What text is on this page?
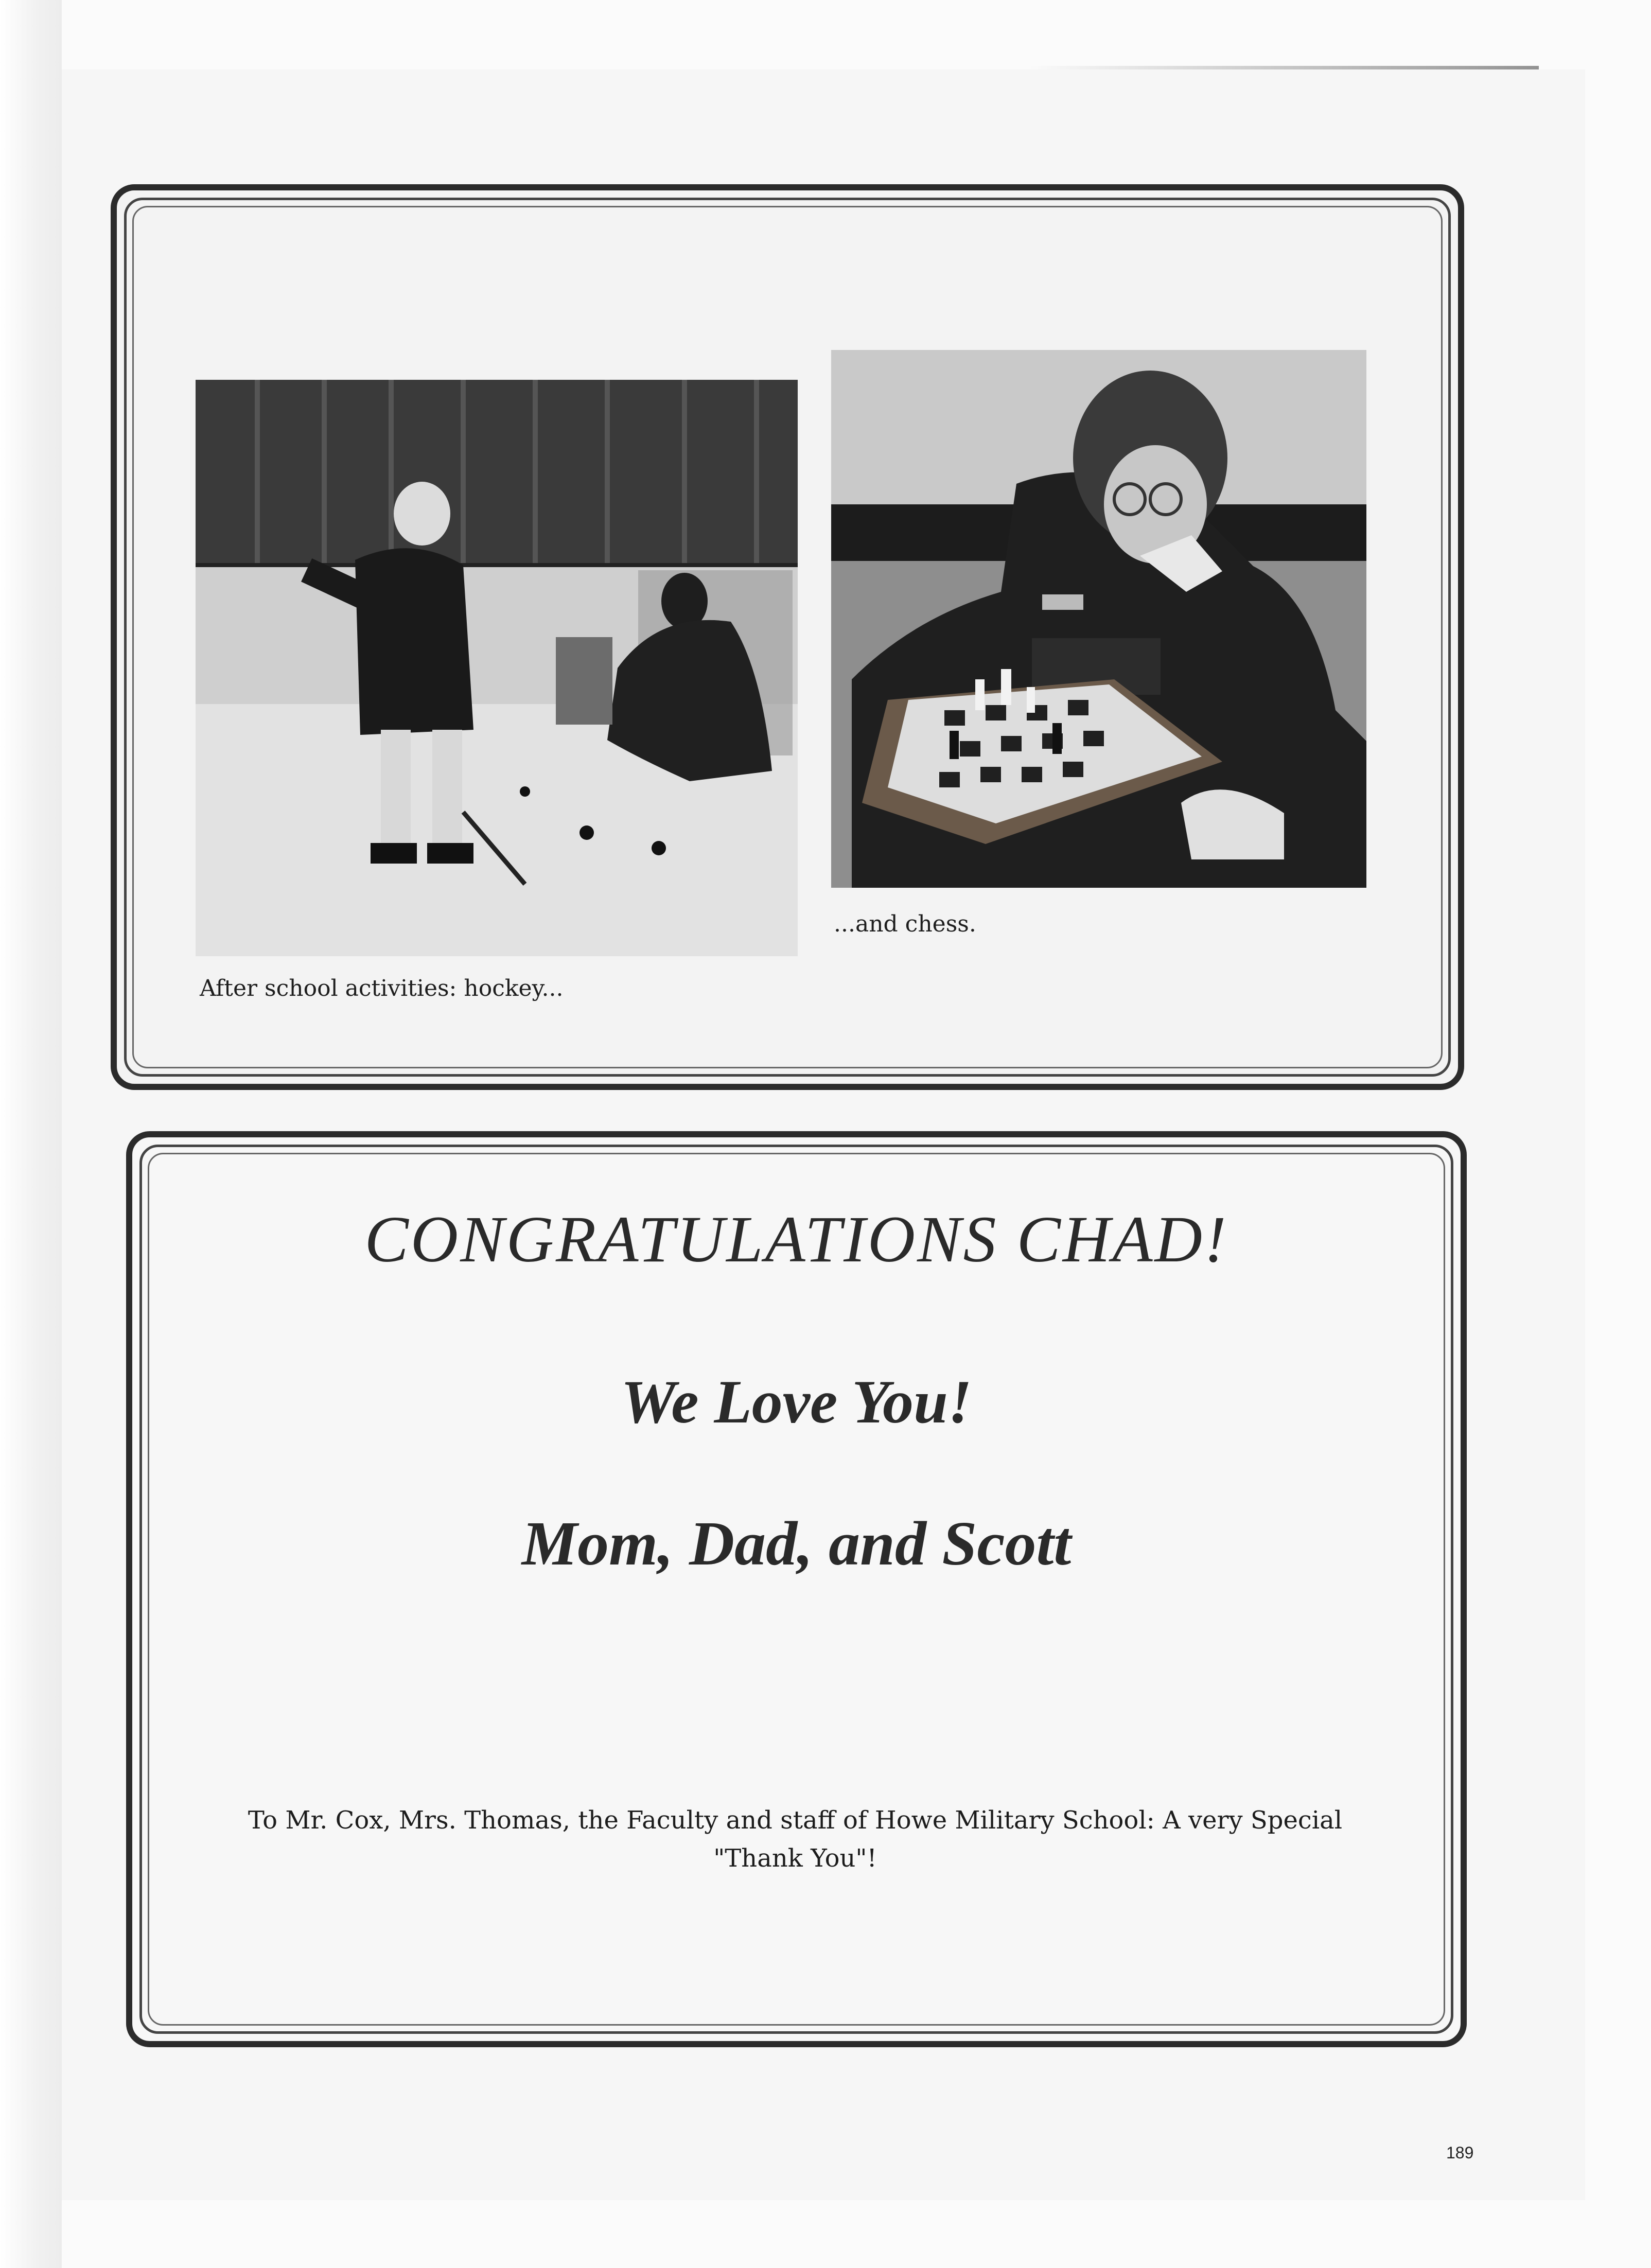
After school activities: hockey...
...and chess.
CONGRATULATIONS CHAD!
We Love You!
Mom, Dad, and Scott
To Mr. Cox, Mrs. Thomas, the Faculty and staff of Howe Military School: A very Special
"Thank You"!
189
